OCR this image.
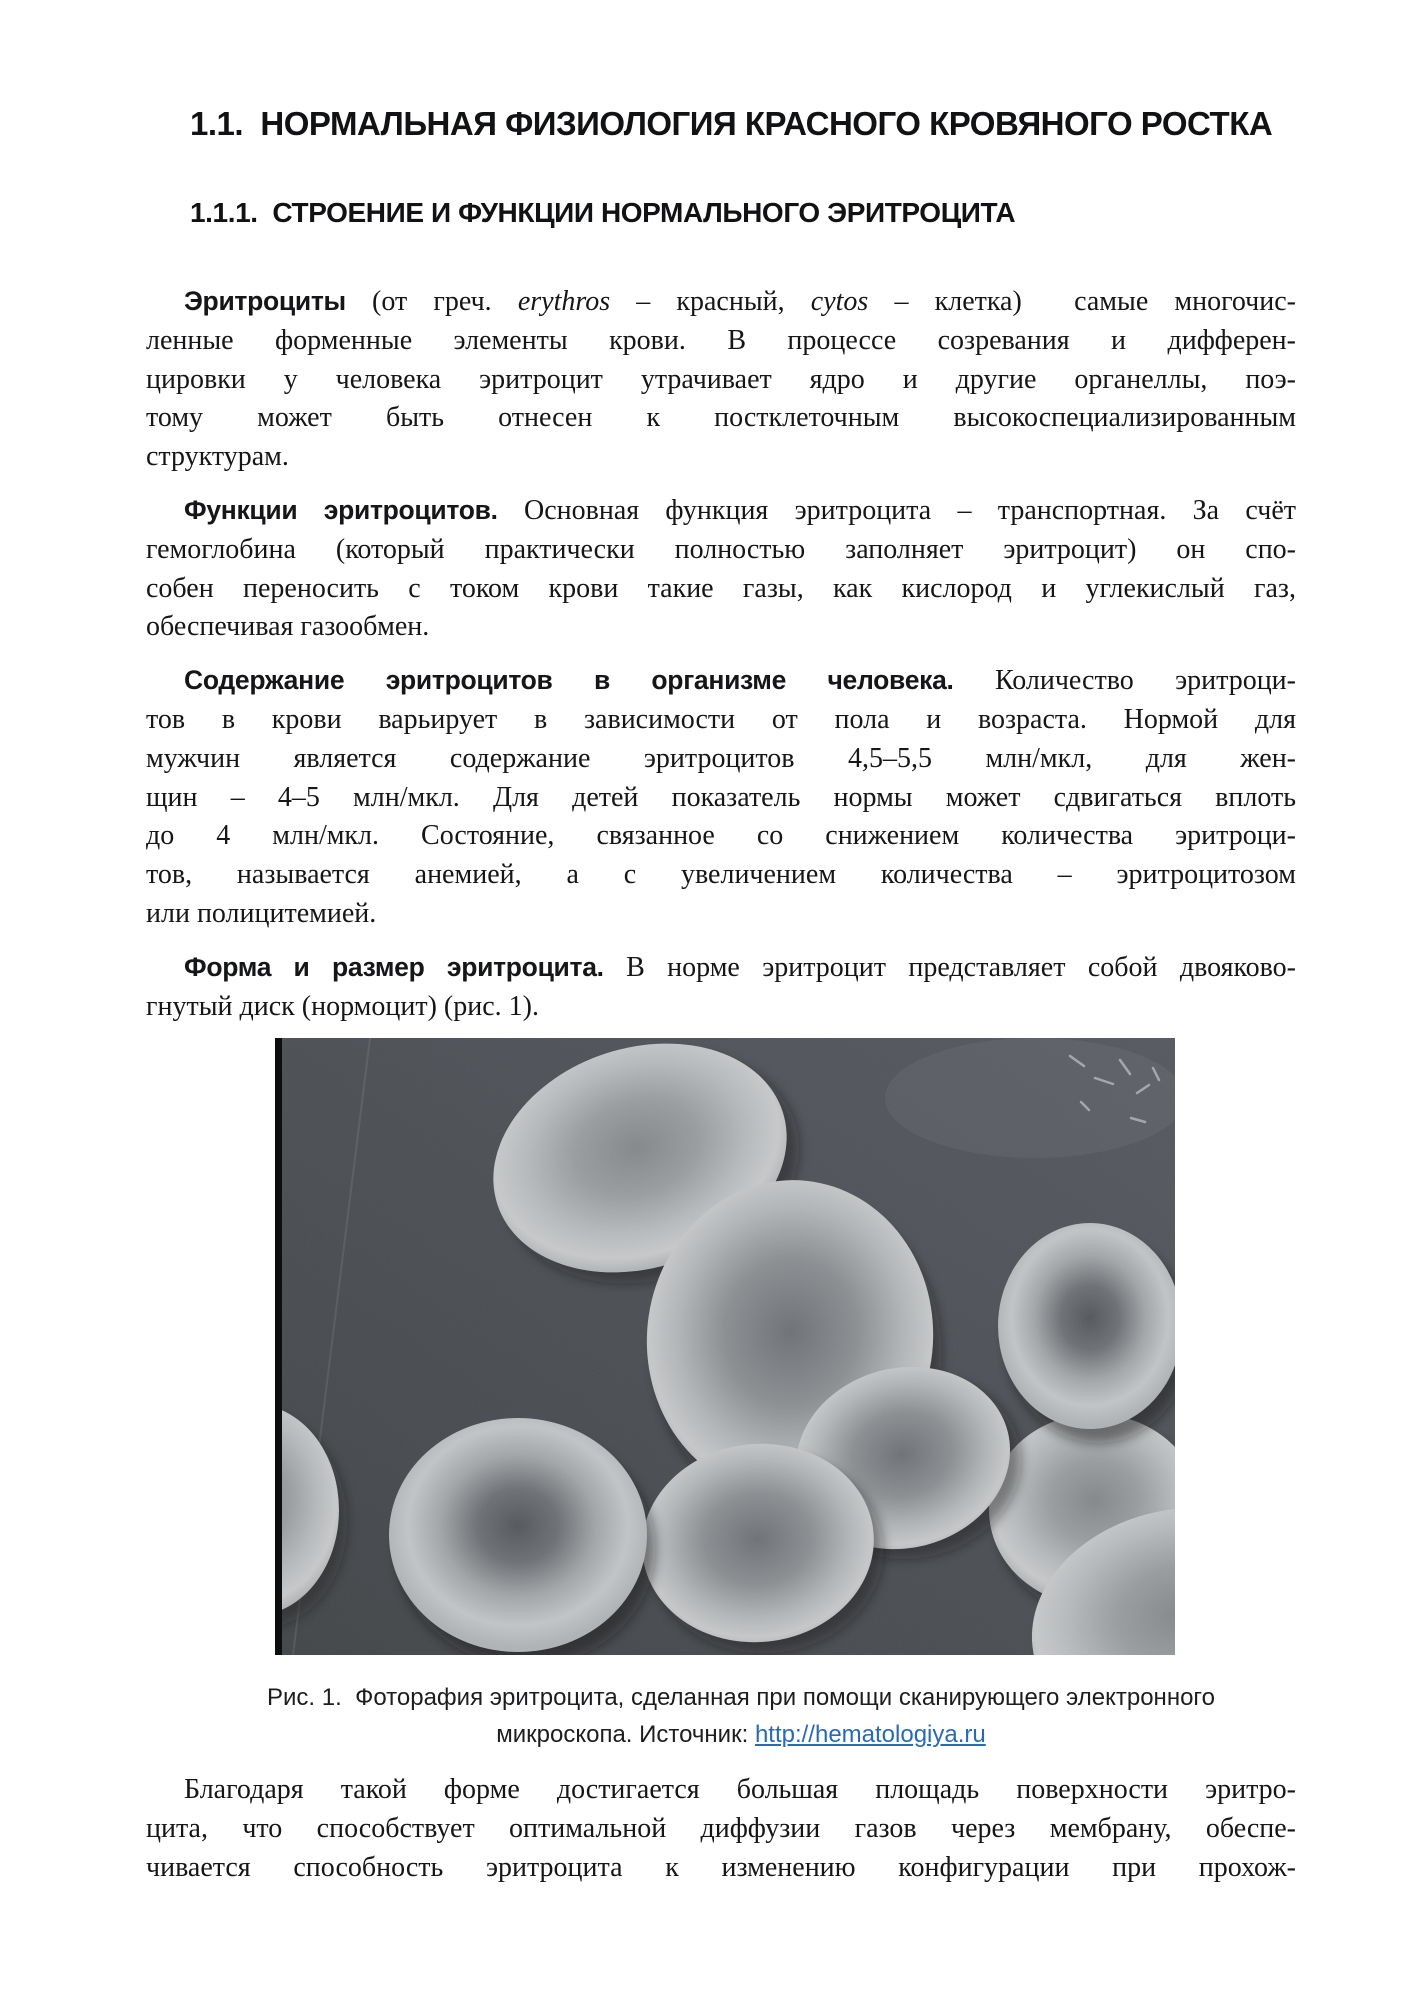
1.1.  НОРМАЛЬНАЯ ФИЗИОЛОГИЯ КРАСНОГО КРОВЯНОГО РОСТКА
1.1.1.  СТРОЕНИЕ И ФУНКЦИИ НОРМАЛЬНОГО ЭРИТРОЦИТА
Эритроциты (от греч. erythros – красный, cytos – клетка)  самые многочис-
ленные форменные элементы крови. В процессе созревания и дифферен-
цировки у человека эритроцит утрачивает ядро и другие органеллы, поэ-
тому может быть отнесен к постклеточным высокоспециализированным
структурам.
Функции эритроцитов. Основная функция эритроцита – транспортная. За счёт
гемоглобина (который практически полностью заполняет эритроцит) он спо-
собен переносить с током крови такие газы, как кислород и углекислый газ,
обеспечивая газообмен.
Содержание эритроцитов в организме человека. Количество эритроци-
тов в крови варьирует в зависимости от пола и возраста. Нормой для
мужчин является содержание эритроцитов 4,5–5,5 млн/мкл, для жен-
щин – 4–5 млн/мкл. Для детей показатель нормы может сдвигаться вплоть
до 4 млн/мкл. Состояние, связанное со снижением количества эритроци-
тов, называется анемией, а с увеличением количества – эритроцитозом
или полицитемией.
Форма и размер эритроцита. В норме эритроцит представляет собой двояково-
гнутый диск (нормоцит) (рис. 1).
Рис. 1.  Фоторафия эритроцита, сделанная при помощи сканирующего электронного
микроскопа. Источник: http://hematologiya.ru
Благодаря такой форме достигается большая площадь поверхности эритро-
цита, что способствует оптимальной диффузии газов через мембрану, обеспе-
чивается способность эритроцита к изменению конфигурации при прохож-
